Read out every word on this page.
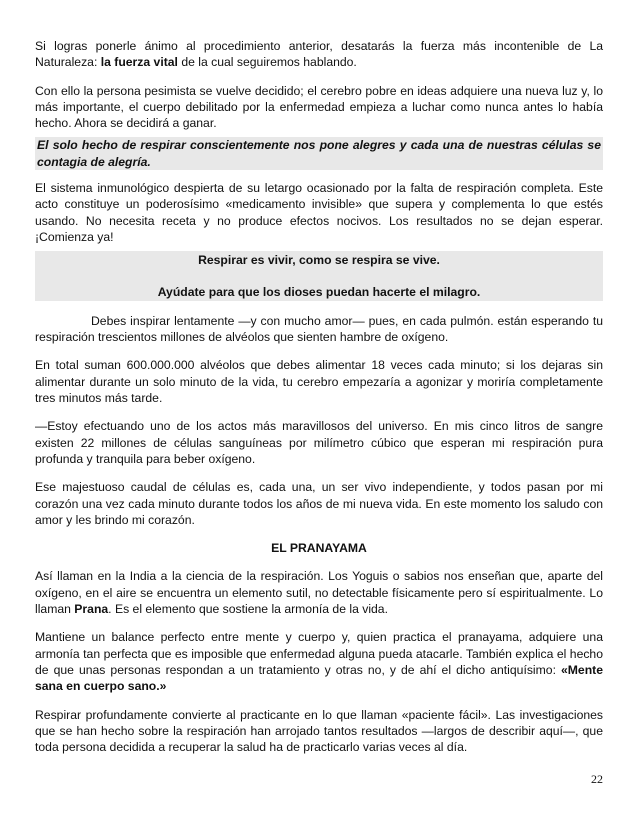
Si logras ponerle ánimo al procedimiento anterior, desatarás la fuerza más incontenible de La Naturaleza: la fuerza vital de la cual seguiremos hablando.

Con ello la persona pesimista se vuelve decidido; el cerebro pobre en ideas adquiere una nueva luz y, lo más importante, el cuerpo debilitado por la enfermedad empieza a luchar como nunca antes lo había hecho. Ahora se decidirá a ganar.

El solo hecho de respirar conscientemente nos pone alegres y cada una de nuestras células se contagia de alegría.

El sistema inmunológico despierta de su letargo ocasionado por la falta de respiración completa. Este acto constituye un poderosísimo «medicamento invisible» que supera y complementa lo que estés usando. No necesita receta y no produce efectos nocivos. Los resultados no se dejan esperar. ¡Comienza ya!

Respirar es vivir, como se respira se vive.
Ayúdate para que los dioses puedan hacerte el milagro.

Debes inspirar lentamente —y con mucho amor— pues, en cada pulmón. están esperando tu respiración trescientos millones de alvéolos que sienten hambre de oxígeno.

En total suman 600.000.000 alvéolos que debes alimentar 18 veces cada minuto; si los dejaras sin alimentar durante un solo minuto de la vida, tu cerebro empezaría a agonizar y moriría completamente tres minutos más tarde.

—Estoy efectuando uno de los actos más maravillosos del universo. En mis cinco litros de sangre existen 22 millones de células sanguíneas por milímetro cúbico que esperan mi respiración pura profunda y tranquila para beber oxígeno.

Ese majestuoso caudal de células es, cada una, un ser vivo independiente, y todos pasan por mi corazón una vez cada minuto durante todos los años de mi nueva vida. En este momento los saludo con amor y les brindo mi corazón.

EL PRANAYAMA

Así llaman en la India a la ciencia de la respiración. Los Yoguis o sabios nos enseñan que, aparte del oxígeno, en el aire se encuentra un elemento sutil, no detectable físicamente pero sí espiritualmente. Lo llaman Prana. Es el elemento que sostiene la armonía de la vida.

Mantiene un balance perfecto entre mente y cuerpo y, quien practica el pranayama, adquiere una armonía tan perfecta que es imposible que enfermedad alguna pueda atacarle. También explica el hecho de que unas personas respondan a un tratamiento y otras no, y de ahí el dicho antiquísimo: «Mente sana en cuerpo sano.»

Respirar profundamente convierte al practicante en lo que llaman «paciente fácil». Las investigaciones que se han hecho sobre la respiración han arrojado tantos resultados —largos de describir aquí—, que toda persona decidida a recuperar la salud ha de practicarlo varias veces al día.

22
